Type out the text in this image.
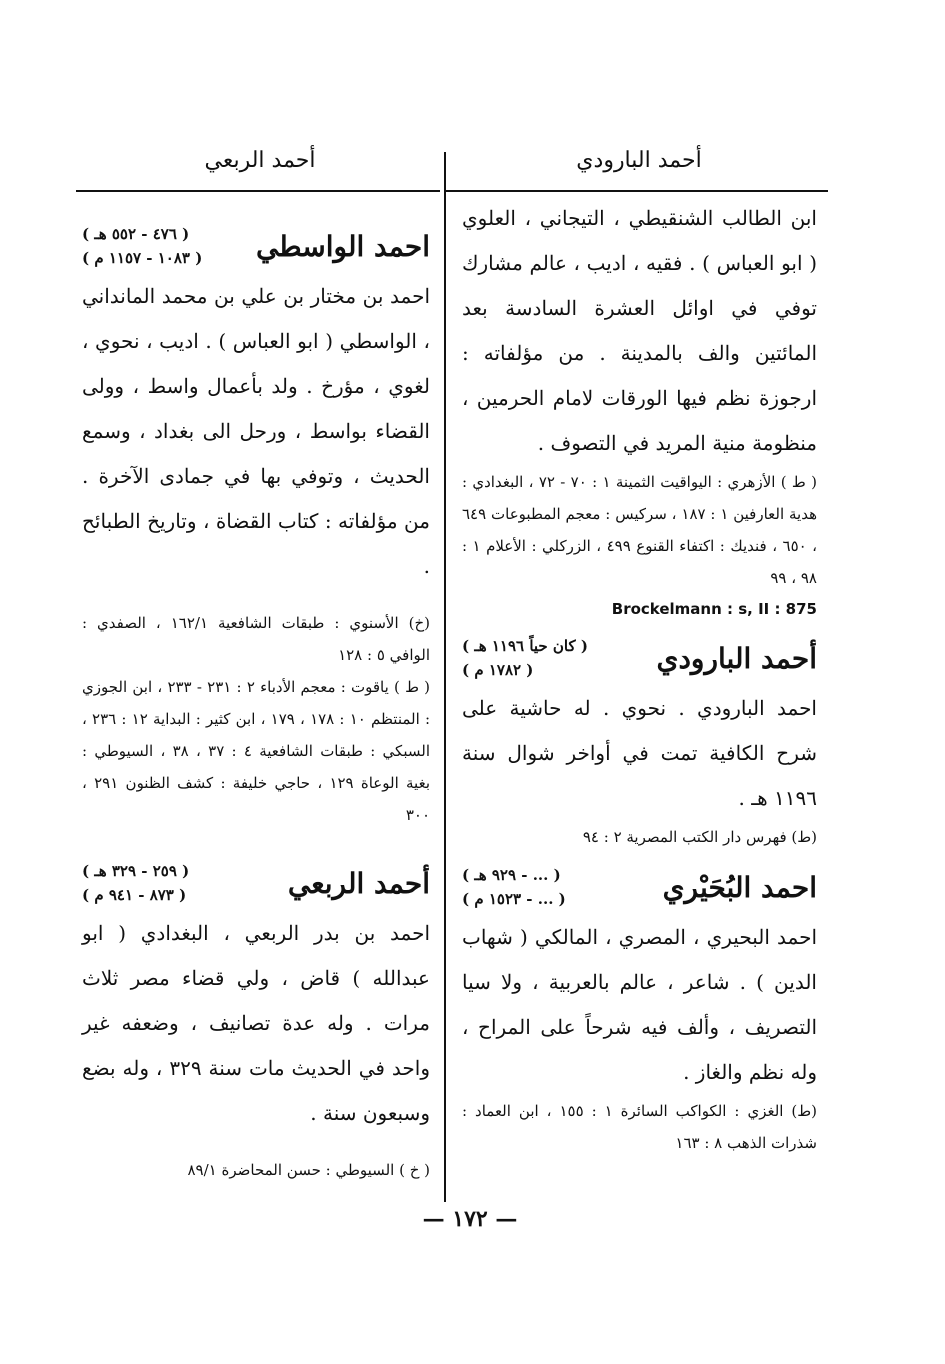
أحمد البارودي
أحمد الربعي

ابن الطالب الشنقيطي ، التيجاني ، العلوي ( ابو العباس ) . فقيه ، اديب ، عالم مشارك توفي في اوائل العشرة السادسة بعد المائتين والف بالمدينة . من مؤلفاته : ارجوزة نظم فيها الورقات لامام الحرمين ، منظومة منية المريد في التصوف .

( ط ) الأزهري : اليواقيت الثمينة ١ : ٧٠ - ٧٢ ، البغدادي : هدية العارفين ١ : ١٨٧ ، سركيس : معجم المطبوعات ٦٤٩ ، ٦٥٠ ، فنديك : اكتفاء القنوع ٤٩٩ ، الزركلي : الأعلام ١ : ٩٨ ، ٩٩

Brockelmann : s, II : 875

أحمد البارودي
( كان حياً ١١٩٦ هـ )
( ١٧٨٢ م )

احمد البارودي . نحوي . له حاشية على شرح الكافية تمت في أواخر شوال سنة ١١٩٦ هـ .

(ط) فهرس دار الكتب المصرية ٢ : ٩٤

احمد البُحَيْري
( ... - ٩٢٩ هـ )
( ... - ١٥٢٣ م )

احمد البحيري ، المصري ، المالكي ( شهاب الدين ) . شاعر ، عالم بالعربية ، ولا سيا التصريف ، وألف فيه شرحاً على المراح ، وله نظم والغاز .

(ط) الغزي : الكواكب السائرة ١ : ١٥٥ ، ابن العماد : شذرات الذهب ٨ : ١٦٣

احمد الواسطي
( ٤٧٦ - ٥٥٢ هـ )
( ١٠٨٣ - ١١٥٧ م )

احمد بن مختار بن علي بن محمد المانداني ، الواسطي ( ابو العباس ) . اديب ، نحوي ، لغوي ، مؤرخ . ولد بأعمال واسط ، وولى القضاء بواسط ، ورحل الى بغداد ، وسمع الحديث ، وتوفي بها في جمادى الآخرة . من مؤلفاته : كتاب القضاة ، وتاريخ الطبائح .

(خ) الأسنوي : طبقات الشافعية ١٦٢/١ ، الصفدي : الوافي ٥ : ١٢٨

( ط ) ياقوت : معجم الأدباء ٢ : ٢٣١ - ٢٣٣ ، ابن الجوزي : المنتظم ١٠ : ١٧٨ ، ١٧٩ ، ابن كثير : البداية ١٢ : ٢٣٦ ، السبكي : طبقات الشافعية ٤ : ٣٧ ، ٣٨ ، السيوطي : بغية الوعاة ١٢٩ ، حاجي خليفة : كشف الظنون ٢٩١ ، ٣٠٠

أحمد الربعي
( ٢٥٩ - ٣٢٩ هـ )
( ٨٧٣ - ٩٤١ م )

احمد بن بدر الربعي ، البغدادي ( ابو عبدالله ) قاض ، ولي قضاء مصر ثلاث مرات . وله عدة تصانيف ، وضعفه غير واحد في الحديث مات سنة ٣٢٩ ، وله بضع وسبعون سنة .

( خ ) السيوطي : حسن المحاضرة ٨٩/١

— ١٧٢ —
